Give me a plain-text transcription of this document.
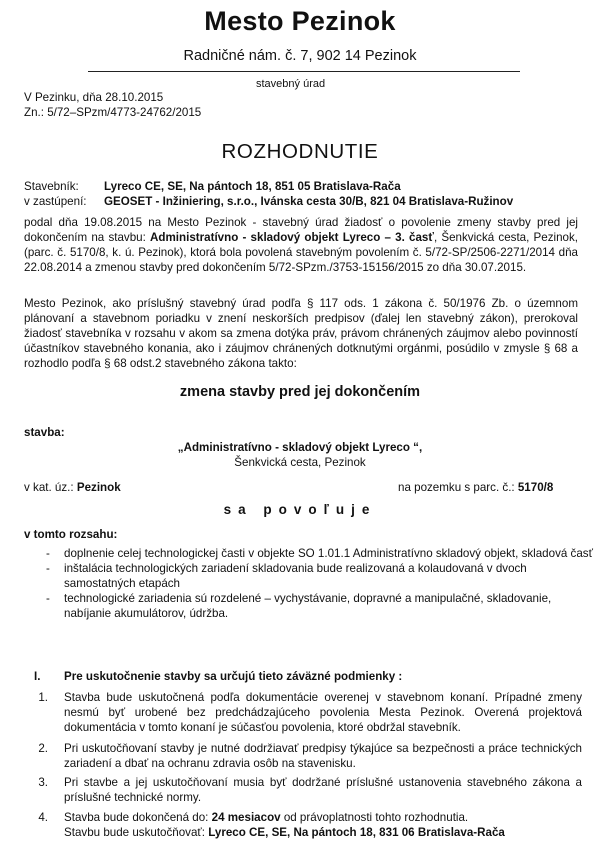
Mesto Pezinok
Radničné nám. č. 7, 902 14 Pezinok
stavebný úrad
V Pezinku, dňa 28.10.2015
Zn.: 5/72–SPzm/4773-24762/2015
ROZHODNUTIE
Stavebník: Lyreco CE, SE, Na pántoch 18, 851 05 Bratislava-Rača
v zastúpení: GEOSET - Inžiniering, s.r.o., Ivánska cesta 30/B, 821 04 Bratislava-Ružinov
podal dňa 19.08.2015 na Mesto Pezinok - stavebný úrad žiadosť o povolenie zmeny stavby pred jej dokončením na stavbu: Administratívno - skladový objekt Lyreco – 3. časť, Šenkvická cesta, Pezinok, (parc. č. 5170/8, k. ú. Pezinok), ktorá bola povolená stavebným povolením č. 5/72-SP/2506-2271/2014 dňa 22.08.2014 a zmenou stavby pred dokončením 5/72-SPzm./3753-15156/2015 zo dňa 30.07.2015.
Mesto Pezinok, ako príslušný stavebný úrad podľa § 117 ods. 1 zákona č. 50/1976 Zb. o územnom plánovaní a stavebnom poriadku v znení neskorších predpisov (ďalej len stavebný zákon), prerokoval žiadosť stavebníka v rozsahu v akom sa zmena dotýka práv, právom chránených záujmov alebo povinností účastníkov stavebného konania, ako i záujmov chránených dotknutými orgánmi, posúdilo v zmysle § 68 a rozhodlo podľa § 68 odst.2 stavebného zákona takto:
zmena stavby pred jej dokončením
stavba:
„Administratívno - skladový objekt Lyreco “,
Šenkvická cesta, Pezinok
v kat. úz.: Pezinok	na pozemku s parc. č.: 5170/8
sa povoľuje
v tomto rozsahu:
- doplnenie celej technologickej časti v objekte SO 1.01.1 Administratívno skladový objekt, skladová časť
- inštalácia technologických zariadení skladovania bude realizovaná a kolaudovaná v dvoch samostatných etapách
- technologické zariadenia sú rozdelené – vychystávanie, dopravné a manipulačné, skladovanie, nabíjanie akumulátorov, údržba.
I. Pre uskutočnenie stavby sa určujú tieto záväzné podmienky :
1. Stavba bude uskutočnená podľa dokumentácie overenej v stavebnom konaní. Prípadné zmeny nesmú byť urobené bez predchádzajúceho povolenia Mesta Pezinok. Overená projektová dokumentácia v tomto konaní je súčasťou povolenia, ktoré obdržal stavebník.
2. Pri uskutočňovaní stavby je nutné dodržiavať predpisy týkajúce sa bezpečnosti a práce technických zariadení a dbať na ochranu zdravia osôb na stavenisku.
3. Pri stavbe a jej uskutočňovaní musia byť dodržané príslušné ustanovenia stavebného zákona a príslušné technické normy.
4. Stavba bude dokončená do: 24 mesiacov od právoplatnosti tohto rozhodnutia.
Stavbu bude uskutočňovať: Lyreco CE, SE, Na pántoch 18, 831 06 Bratislava-Rača
